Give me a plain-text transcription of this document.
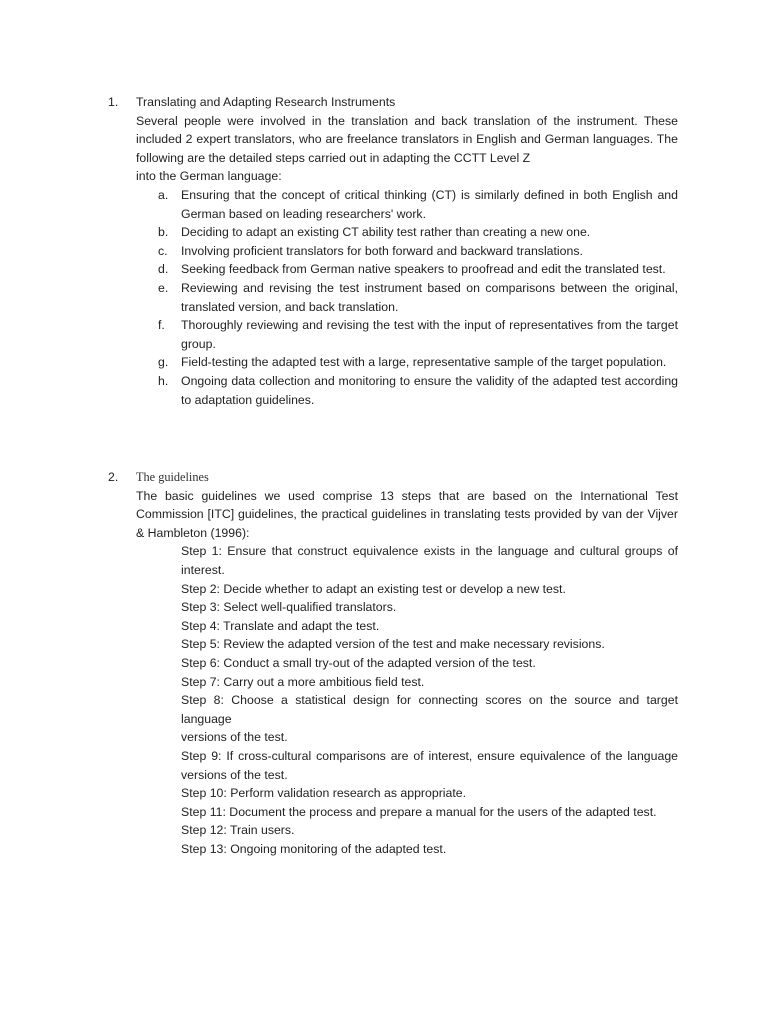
1.	Translating and Adapting Research Instruments
Several people were involved in the translation and back translation of the instrument. These included 2 expert translators, who are freelance translators in English and German languages. The following are the detailed steps carried out in adapting the CCTT Level Z
into the German language:
a. Ensuring that the concept of critical thinking (CT) is similarly defined in both English and German based on leading researchers' work.
b. Deciding to adapt an existing CT ability test rather than creating a new one.
c. Involving proficient translators for both forward and backward translations.
d. Seeking feedback from German native speakers to proofread and edit the translated test.
e. Reviewing and revising the test instrument based on comparisons between the original, translated version, and back translation.
f. Thoroughly reviewing and revising the test with the input of representatives from the target group.
g. Field-testing the adapted test with a large, representative sample of the target population.
h. Ongoing data collection and monitoring to ensure the validity of the adapted test according to adaptation guidelines.
2.	The guidelines
The basic guidelines we used comprise 13 steps that are based on the International Test Commission [ITC] guidelines, the practical guidelines in translating tests provided by van der Vijver & Hambleton (1996):
Step 1: Ensure that construct equivalence exists in the language and cultural groups of interest.
Step 2: Decide whether to adapt an existing test or develop a new test.
Step 3: Select well-qualified translators.
Step 4: Translate and adapt the test.
Step 5: Review the adapted version of the test and make necessary revisions.
Step 6: Conduct a small try-out of the adapted version of the test.
Step 7: Carry out a more ambitious field test.
Step 8: Choose a statistical design for connecting scores on the source and target language
versions of the test.
Step 9: If cross-cultural comparisons are of interest, ensure equivalence of the language versions of the test.
Step 10: Perform validation research as appropriate.
Step 11: Document the process and prepare a manual for the users of the adapted test.
Step 12: Train users.
Step 13: Ongoing monitoring of the adapted test.
